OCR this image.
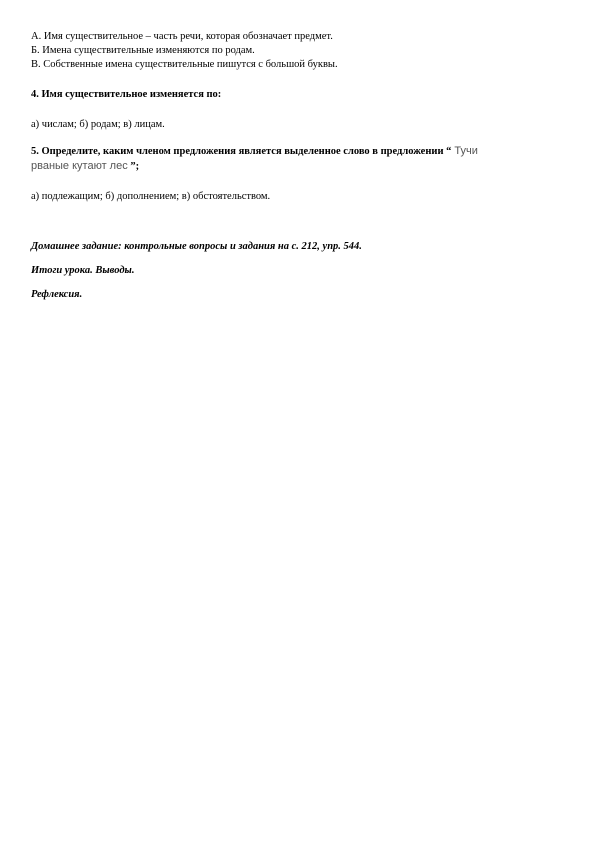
А. Имя существительное – часть речи, которая обозначает предмет.
Б. Имена существительные изменяются по родам.
В. Собственные имена существительные пишутся с большой буквы.
4. Имя существительное изменяется по:
а) числам; б) родам; в) лицам.
5. Определите, каким членом предложения является выделенное слово в предложении “ Тучи
рваные кутают лес ”;
а) подлежащим; б) дополнением; в) обстоятельством.
Домашнее задание: контрольные вопросы и задания на с. 212, упр. 544.
Итоги урока. Выводы.
Рефлексия.
